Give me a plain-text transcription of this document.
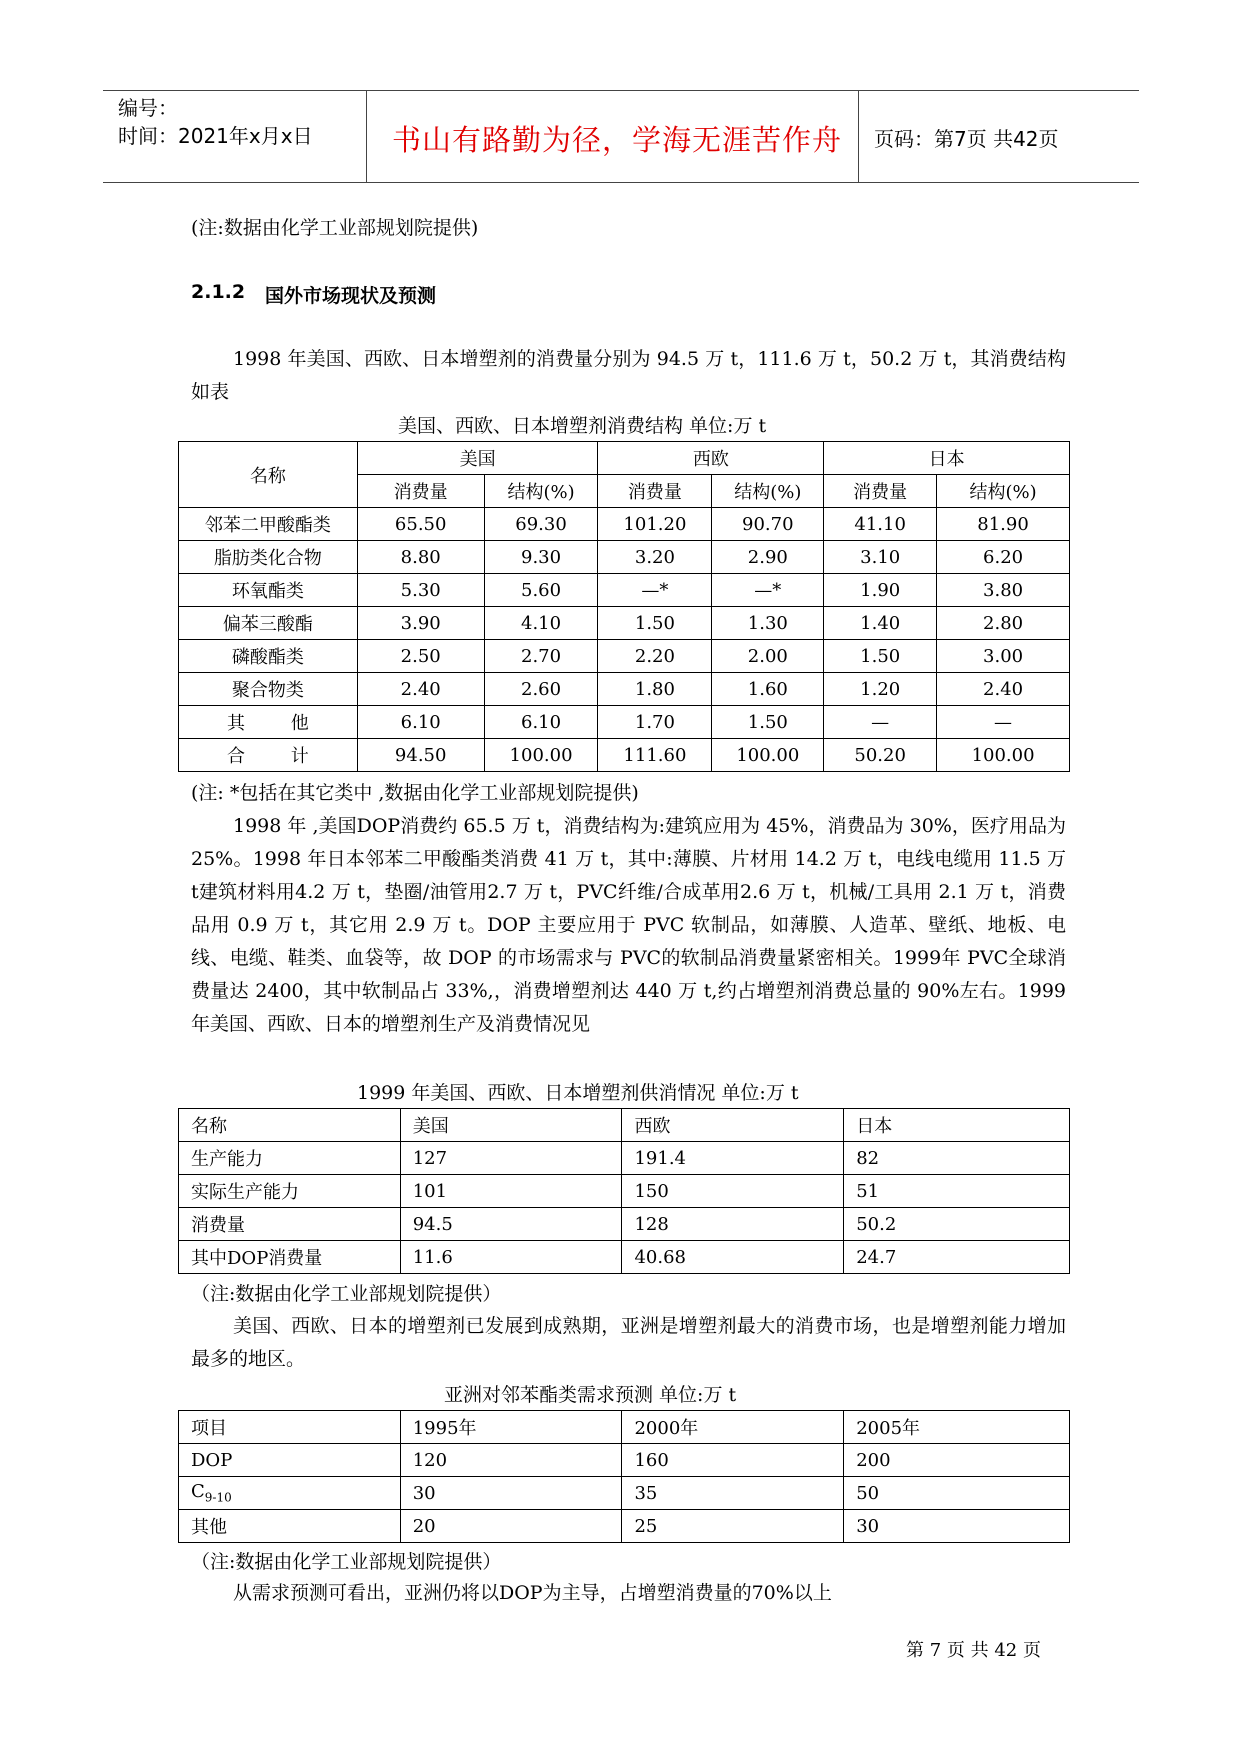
编号：
时间：2021年x月x日	书山有路勤为径，学海无涯苦作舟 页码：第7页 共42页
(注:数据由化学工业部规划院提供)
2.1.2 国外市场现状及预测
1998 年美国、西欧、日本增塑剂的消费量分别为 94.5 万 t，111.6 万 t，50.2 万 t，其消费结构如表
美国、西欧、日本增塑剂消费结构 单位:万 t
名称	美国		西欧		日本	
	消费量	结构(%)	消费量	结构(%)	消费量	结构(%)
邻苯二甲酸酯类	65.50	69.30	101.20	90.70	41.10	81.90
脂肪类化合物	8.80	9.30	3.20	2.90	3.10	6.20
环氧酯类	5.30	5.60	—*	—*	1.90	3.80
偏苯三酸酯	3.90	4.10	1.50	1.30	1.40	2.80
磷酸酯类	2.50	2.70	2.20	2.00	1.50	3.00
聚合物类	2.40	2.60	1.80	1.60	1.20	2.40
其        他	6.10	6.10	1.70	1.50	—	—
合        计	94.50	100.00	111.60	100.00	50.20	100.00
(注: *包括在其它类中 ,数据由化学工业部规划院提供)
1998 年 ,美国DOP消费约 65.5 万 t，消费结构为:建筑应用为 45%，消费品为 30%，医疗用品为25%。1998 年日本邻苯二甲酸酯类消费 41 万 t，其中:薄膜、片材用 14.2 万 t，电线电缆用 11.5 万 t建筑材料用4.2 万 t，垫圈/油管用2.7 万 t，PVC纤维/合成革用2.6 万 t，机械/工具用 2.1 万 t，消费品用 0.9 万 t，其它用 2.9 万 t。DOP 主要应用于 PVC 软制品，如薄膜、人造革、壁纸、地板、电线、电缆、鞋类、血袋等，故 DOP 的市场需求与 PVC的软制品消费量紧密相关。1999年 PVC全球消费量达 2400，其中软制品占 33%,，消费增塑剂达 440 万 t,约占增塑剂消费总量的 90%左右。1999 年美国、西欧、日本的增塑剂生产及消费情况见
1999 年美国、西欧、日本增塑剂供消情况 单位:万 t
名称	美国	西欧	日本
生产能力	127	191.4	82
实际生产能力	101	150	51
消费量	94.5	128	50.2
其中DOP消费量	11.6	40.68	24.7
（注:数据由化学工业部规划院提供）
美国、西欧、日本的增塑剂已发展到成熟期，亚洲是增塑剂最大的消费市场，也是增塑剂能力增加最多的地区。
亚洲对邻苯酯类需求预测 单位:万 t
项目	1995年	2000年	2005年
DOP	120	160	200
$C_{9-10}$	30	35	50
其他	20	25	30
（注:数据由化学工业部规划院提供）
从需求预测可看出，亚洲仍将以DOP为主导，占增塑消费量的70%以上
第 7 页 共 42 页
